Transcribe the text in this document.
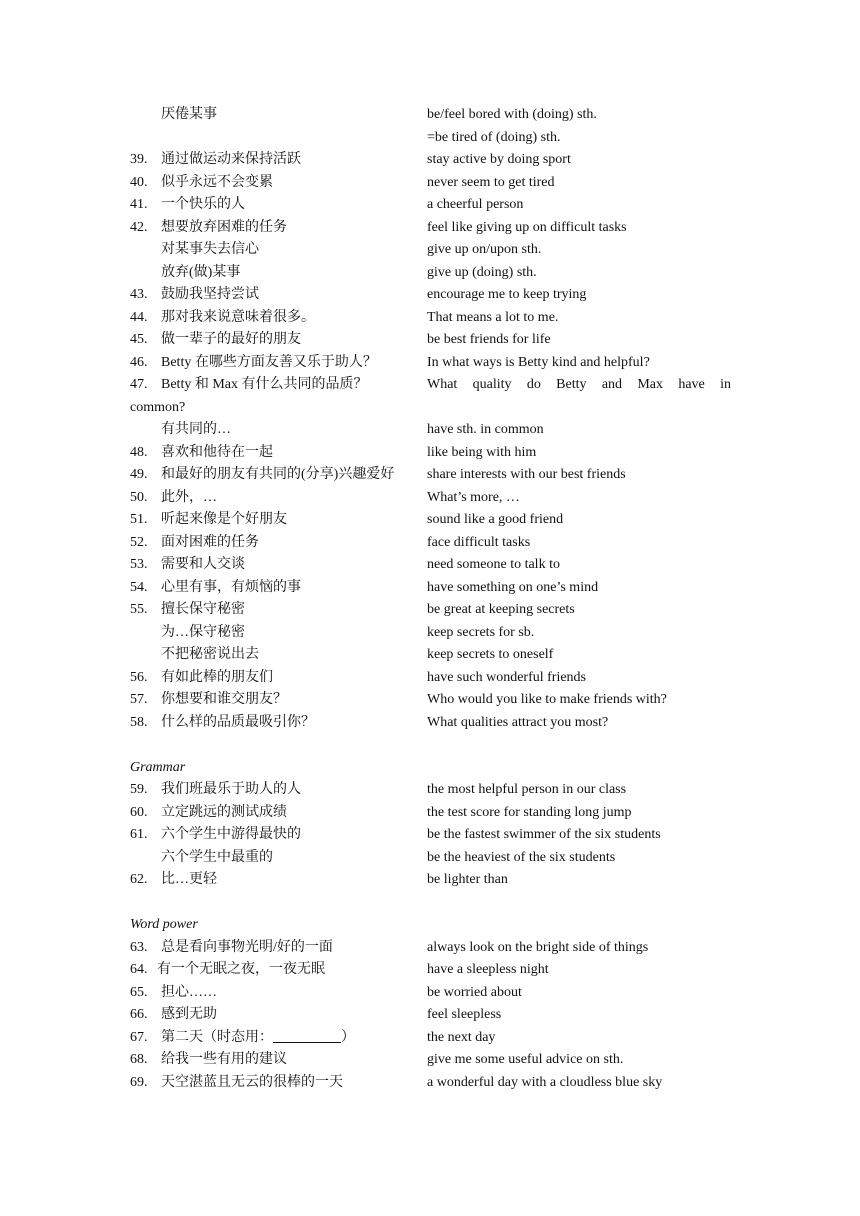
厌倦某事	be/feel bored with (doing) sth.
=be tired of (doing) sth.
39. 通过做运动来保持活跃	stay active by doing sport
40. 似乎永远不会变累	never seem to get tired
41. 一个快乐的人	a cheerful person
42. 想要放弃困难的任务	feel like giving up on difficult tasks
对某事失去信心	give up on/upon sth.
放弃(做)某事	give up (doing) sth.
43. 鼓励我坚持尝试	encourage me to keep trying
44. 那对我来说意味着很多。	That means a lot to me.
45. 做一辈子的最好的朋友	be best friends for life
46. Betty 在哪些方面友善又乐于助人？	In what ways is Betty kind and helpful?
47. Betty 和 Max 有什么共同的品质？	What quality do Betty and Max have in
common?
有共同的…	have sth. in common
48. 喜欢和他待在一起	like being with him
49. 和最好的朋友有共同的(分享)兴趣爱好 share interests with our best friends
50. 此外，…	What’s more, …
51. 听起来像是个好朋友	sound like a good friend
52. 面对困难的任务	face difficult tasks
53. 需要和人交谈	need someone to talk to
54. 心里有事，有烦恼的事	have something on one’s mind
55. 擅长保守秘密	be great at keeping secrets
为…保守秘密	keep secrets for sb.
不把秘密说出去	keep secrets to oneself
56. 有如此棒的朋友们	have such wonderful friends
57. 你想要和谁交朋友？	Who would you like to make friends with?
58. 什么样的品质最吸引你？	What qualities attract you most?
Grammar
59. 我们班最乐于助人的人	the most helpful person in our class
60. 立定跳远的测试成绩	the test score for standing long jump
61. 六个学生中游得最快的	be the fastest swimmer of the six students
六个学生中最重的	be the heaviest of the six students
62. 比…更轻	be lighter than
Word power
63. 总是看向事物光明/好的一面	always look on the bright side of things
64. 有一个无眠之夜，一夜无眠	have a sleepless night
65. 担心……	be worried about
66. 感到无助	feel sleepless
67. 第二天（时态用：	）	the next day
68. 给我一些有用的建议	give me some useful advice on sth.
69. 天空湛蓝且无云的很棒的一天	a wonderful day with a cloudless blue sky
